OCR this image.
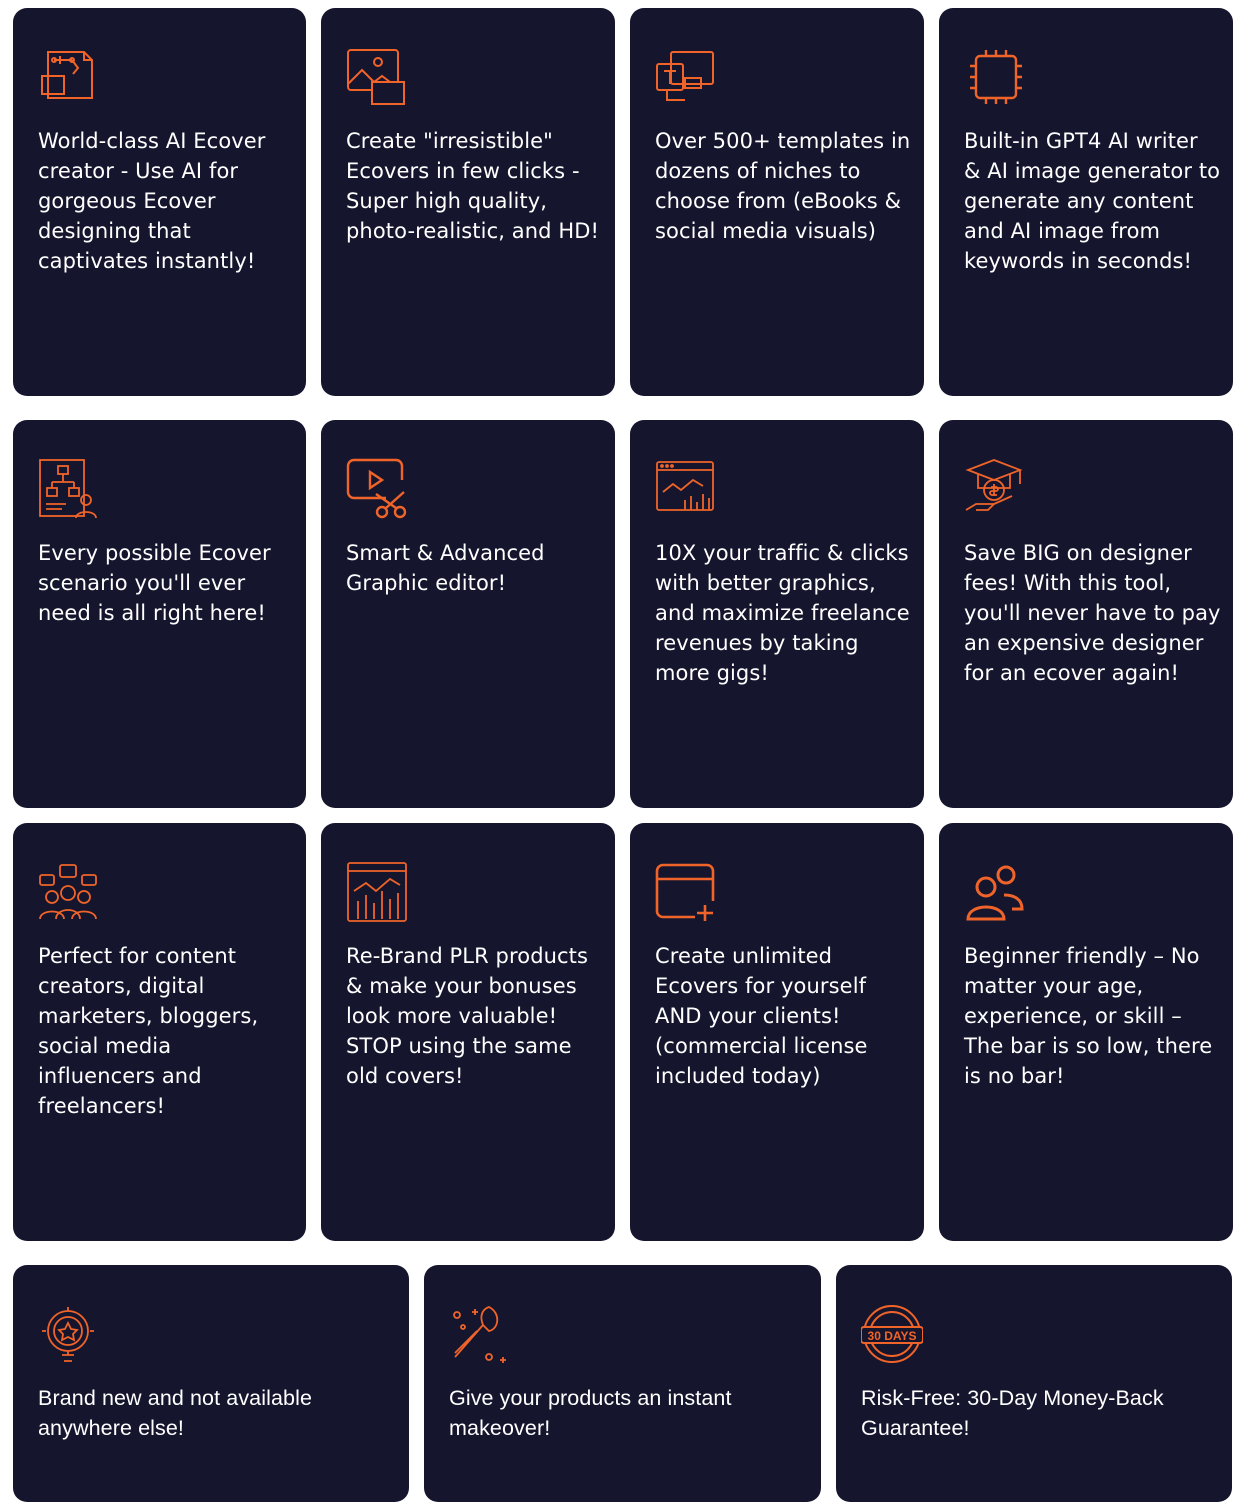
World-class AI Ecover creator - Use AI for gorgeous Ecover designing that captivates instantly!
Create "irresistible" Ecovers in few clicks - Super high quality, photo-realistic, and HD!
Over 500+ templates in dozens of niches to choose from (eBooks & social media visuals)
Built-in GPT4 AI writer & AI image generator to generate any content and AI image from keywords in seconds!
Every possible Ecover scenario you'll ever need is all right here!
Smart & Advanced Graphic editor!
10X your traffic & clicks with better graphics, and maximize freelance revenues by taking more gigs!
Save BIG on designer fees! With this tool, you'll never have to pay an expensive designer for an ecover again!
Perfect for content creators, digital marketers, bloggers, social media influencers and freelancers!
Re-Brand PLR products & make your bonuses look more valuable! STOP using the same old covers!
Create unlimited Ecovers for yourself AND your clients! (commercial license included today)
Beginner friendly – No matter your age, experience, or skill – The bar is so low, there is no bar!
Brand new and not available anywhere else!
Give your products an instant makeover!
30 DAYS
Risk-Free: 30-Day Money-Back Guarantee!
